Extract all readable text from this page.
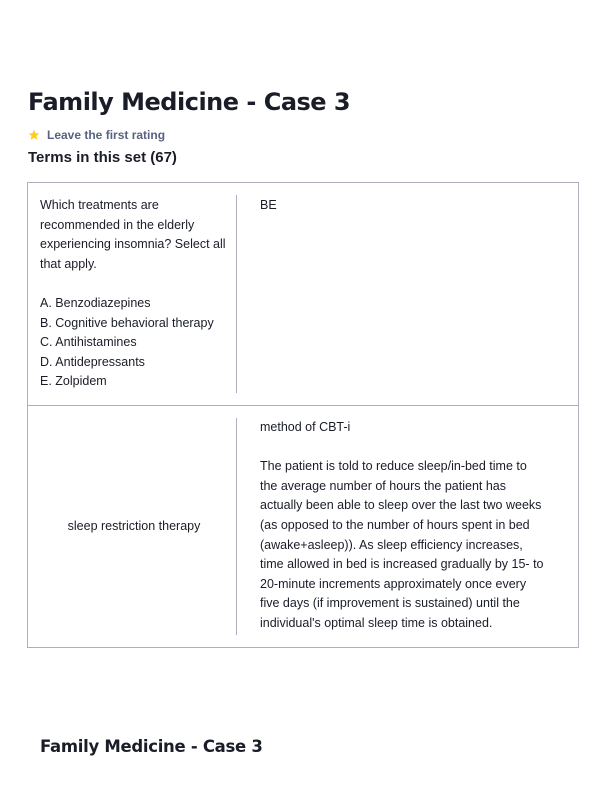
Family Medicine - Case 3
Leave the first rating
Terms in this set (67)
Which treatments are recommended in the elderly experiencing insomnia? Select all that apply.

A. Benzodiazepines
B. Cognitive behavioral therapy
C. Antihistamines
D. Antidepressants
E. Zolpidem
BE
sleep restriction therapy
method of CBT-i

The patient is told to reduce sleep/in-bed time to the average number of hours the patient has actually been able to sleep over the last two weeks (as opposed to the number of hours spent in bed (awake+asleep)). As sleep efficiency increases, time allowed in bed is increased gradually by 15- to 20-minute increments approximately once every five days (if improvement is sustained) until the individual's optimal sleep time is obtained.
Family Medicine - Case 3
